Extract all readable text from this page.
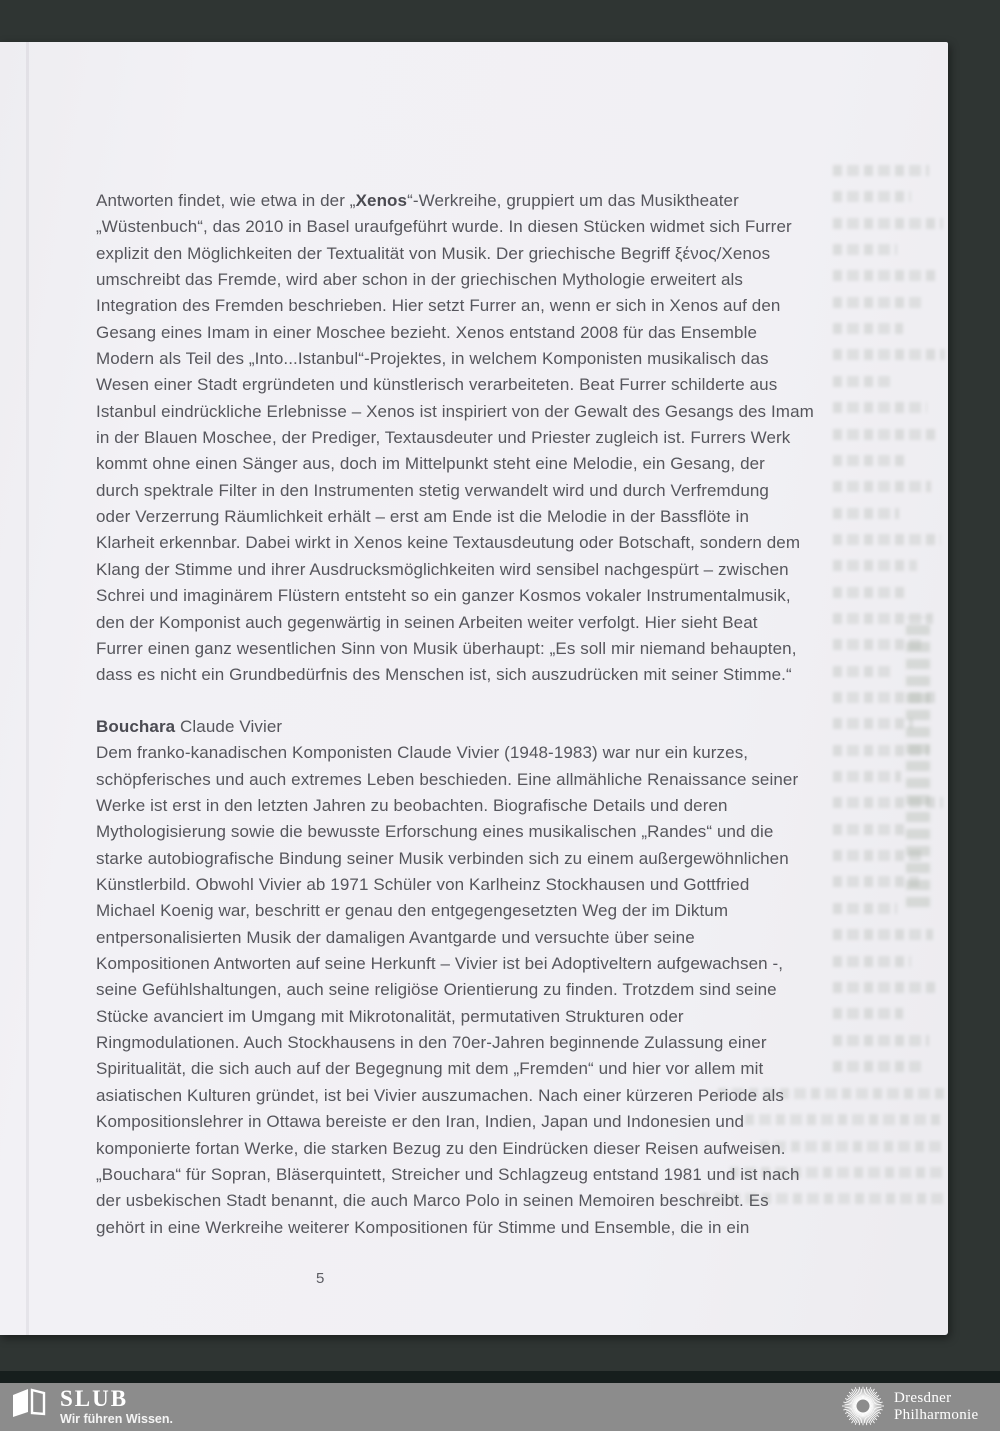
Antworten findet, wie etwa in der „Xenos“-Werkreihe, gruppiert um das Musiktheater
„Wüstenbuch“, das 2010 in Basel uraufgeführt wurde. In diesen Stücken widmet sich Furrer
explizit den Möglichkeiten der Textualität von Musik. Der griechische Begriff ξένος/Xenos
umschreibt das Fremde, wird aber schon in der griechischen Mythologie erweitert als
Integration des Fremden beschrieben. Hier setzt Furrer an, wenn er sich in Xenos auf den
Gesang eines Imam in einer Moschee bezieht. Xenos entstand 2008 für das Ensemble
Modern als Teil des „Into...Istanbul“-Projektes, in welchem Komponisten musikalisch das
Wesen einer Stadt ergründeten und künstlerisch verarbeiteten. Beat Furrer schilderte aus
Istanbul eindrückliche Erlebnisse – Xenos ist inspiriert von der Gewalt des Gesangs des Imam
in der Blauen Moschee, der Prediger, Textausdeuter und Priester zugleich ist. Furrers Werk
kommt ohne einen Sänger aus, doch im Mittelpunkt steht eine Melodie, ein Gesang, der
durch spektrale Filter in den Instrumenten stetig verwandelt wird und durch Verfremdung
oder Verzerrung Räumlichkeit erhält – erst am Ende ist die Melodie in der Bassflöte in
Klarheit erkennbar. Dabei wirkt in Xenos keine Textausdeutung oder Botschaft, sondern dem
Klang der Stimme und ihrer Ausdrucksmöglichkeiten wird sensibel nachgespürt – zwischen
Schrei und imaginärem Flüstern entsteht so ein ganzer Kosmos vokaler Instrumentalmusik,
den der Komponist auch gegenwärtig in seinen Arbeiten weiter verfolgt. Hier sieht Beat
Furrer einen ganz wesentlichen Sinn von Musik überhaupt: „Es soll mir niemand behaupten,
dass es nicht ein Grundbedürfnis des Menschen ist, sich auszudrücken mit seiner Stimme.“
Bouchara Claude Vivier
Dem franko-kanadischen Komponisten Claude Vivier (1948-1983) war nur ein kurzes,
schöpferisches und auch extremes Leben beschieden. Eine allmähliche Renaissance seiner
Werke ist erst in den letzten Jahren zu beobachten. Biografische Details und deren
Mythologisierung sowie die bewusste Erforschung eines musikalischen „Randes“ und die
starke autobiografische Bindung seiner Musik verbinden sich zu einem außergewöhnlichen
Künstlerbild. Obwohl Vivier ab 1971 Schüler von Karlheinz Stockhausen und Gottfried
Michael Koenig war, beschritt er genau den entgegengesetzten Weg der im Diktum
entpersonalisierten Musik der damaligen Avantgarde und versuchte über seine
Kompositionen Antworten auf seine Herkunft – Vivier ist bei Adoptiveltern aufgewachsen -,
seine Gefühlshaltungen, auch seine religiöse Orientierung zu finden. Trotzdem sind seine
Stücke avanciert im Umgang mit Mikrotonalität, permutativen Strukturen oder
Ringmodulationen. Auch Stockhausens in den 70er-Jahren beginnende Zulassung einer
Spiritualität, die sich auch auf der Begegnung mit dem „Fremden“ und hier vor allem mit
asiatischen Kulturen gründet, ist bei Vivier auszumachen. Nach einer kürzeren Periode als
Kompositionslehrer in Ottawa bereiste er den Iran, Indien, Japan und Indonesien und
komponierte fortan Werke, die starken Bezug zu den Eindrücken dieser Reisen aufweisen.
„Bouchara“ für Sopran, Bläserquintett, Streicher und Schlagzeug entstand 1981 und ist nach
der usbekischen Stadt benannt, die auch Marco Polo in seinen Memoiren beschreibt. Es
gehört in eine Werkreihe weiterer Kompositionen für Stimme und Ensemble, die in ein
5
SLUB
Wir führen Wissen.
Dresdner
Philharmonie
